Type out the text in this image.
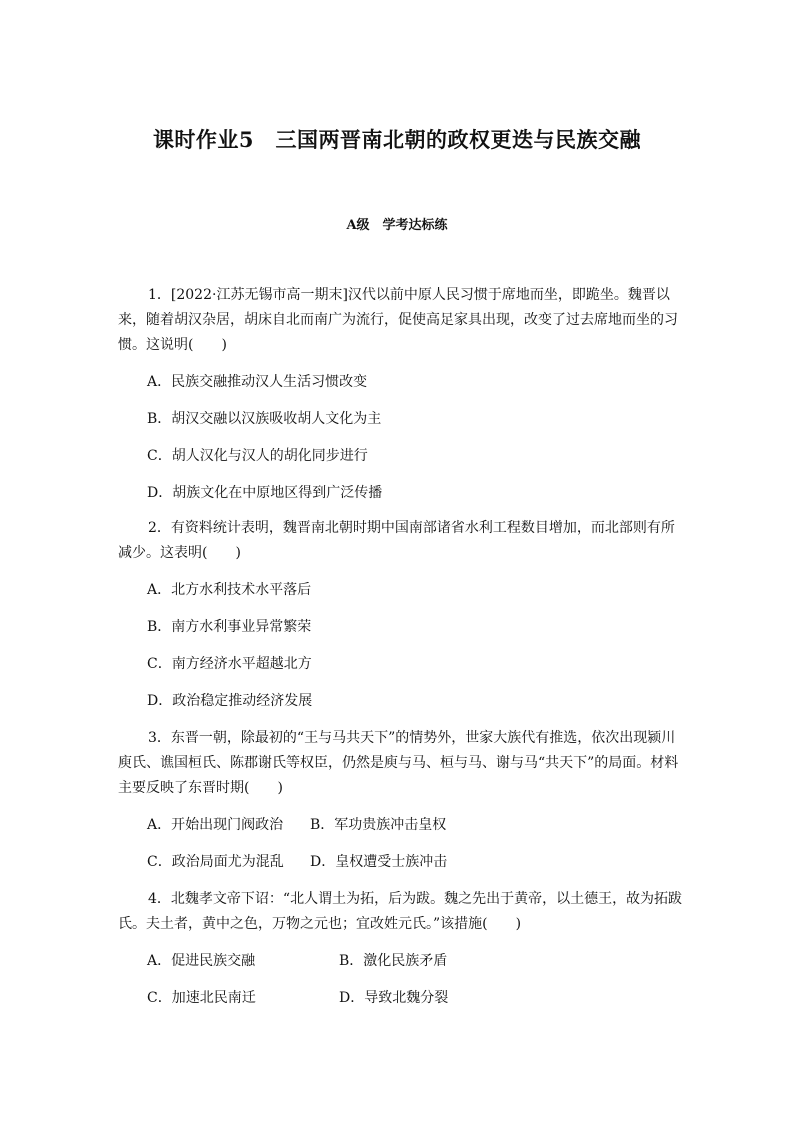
课时作业5　三国两晋南北朝的政权更迭与民族交融
A级　学考达标练

1．[2022·江苏无锡市高一期末]汉代以前中原人民习惯于席地而坐，即跪坐。魏晋以来，随着胡汉杂居，胡床自北而南广为流行，促使高足家具出现，改变了过去席地而坐的习惯。这说明(　　)

A．民族交融推动汉人生活习惯改变

B．胡汉交融以汉族吸收胡人文化为主

C．胡人汉化与汉人的胡化同步进行

D．胡族文化在中原地区得到广泛传播

2．有资料统计表明，魏晋南北朝时期中国南部诸省水利工程数目增加，而北部则有所减少。这表明(　　)

A．北方水利技术水平落后

B．南方水利事业异常繁荣

C．南方经济水平超越北方

D．政治稳定推动经济发展

3．东晋一朝，除最初的“王与马共天下”的情势外，世家大族代有推选，依次出现颍川庾氏、谯国桓氏、陈郡谢氏等权臣，仍然是庾与马、桓与马、谢与马“共天下”的局面。材料主要反映了东晋时期(　　)

A．开始出现门阀政治 B．军功贵族冲击皇权

C．政治局面尤为混乱 D．皇权遭受士族冲击

4．北魏孝文帝下诏：“北人谓土为拓，后为跋。魏之先出于黄帝，以土德王，故为拓跋氏。夫土者，黄中之色，万物之元也；宜改姓元氏。”该措施(　　)

A．促进民族交融	B．激化民族矛盾

C．加速北民南迁	D．导致北魏分裂
